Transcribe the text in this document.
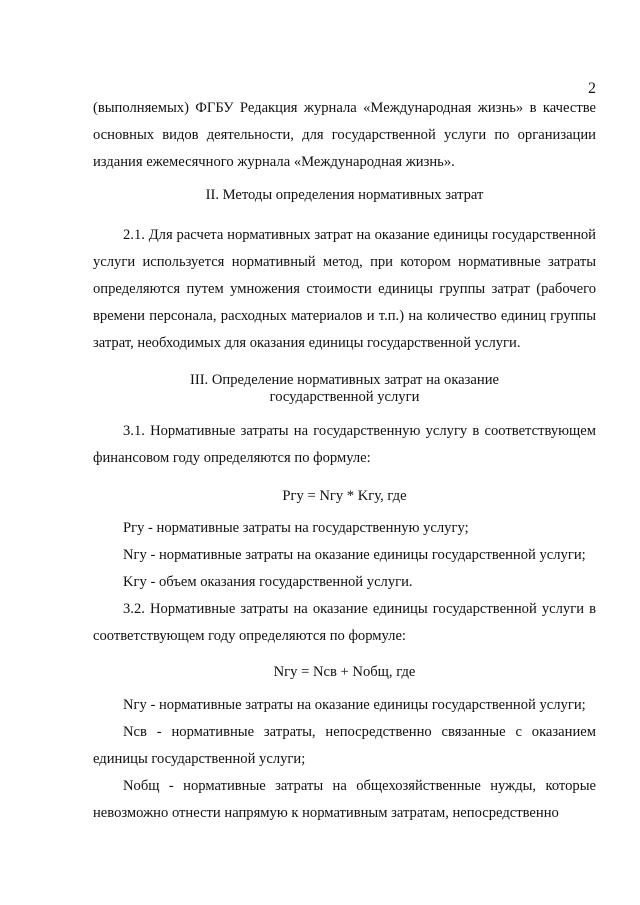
2

(выполняемых) ФГБУ Редакция журнала «Международная жизнь» в качестве основных видов деятельности, для государственной услуги по организации издания ежемесячного журнала «Международная жизнь».

II. Методы определения нормативных затрат

2.1. Для расчета нормативных затрат на оказание единицы государственной услуги используется нормативный метод, при котором нормативные затраты определяются путем умножения стоимости единицы группы затрат (рабочего времени персонала, расходных материалов и т.п.) на количество единиц группы затрат, необходимых для оказания единицы государственной услуги.

III. Определение нормативных затрат на оказание

государственной услуги

3.1. Нормативные затраты на государственную услугу в соответствующем финансовом году определяются по формуле:

Pгу = Nгу * Kгу, где

Pгу - нормативные затраты на государственную услугу;

Nгу - нормативные затраты на оказание единицы государственной услуги;

Kгу - объем оказания государственной услуги.

3.2. Нормативные затраты на оказание единицы государственной услуги в соответствующем году определяются по формуле:

Nгу = Nсв + Nобщ, где

Nгу - нормативные затраты на оказание единицы государственной услуги;

Nсв - нормативные затраты, непосредственно связанные с оказанием единицы государственной услуги;

Nобщ - нормативные затраты на общехозяйственные нужды, которые невозможно отнести напрямую к нормативным затратам, непосредственно
